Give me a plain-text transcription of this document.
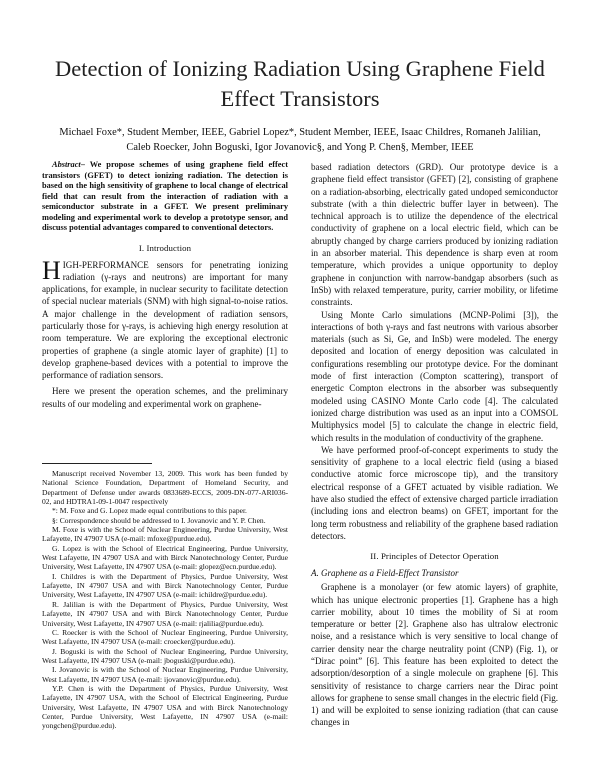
Detection of Ionizing Radiation Using Graphene Field Effect Transistors
Michael Foxe*, Student Member, IEEE, Gabriel Lopez*, Student Member, IEEE, Isaac Childres, Romaneh Jalilian,
Caleb Roecker, John Boguski, Igor Jovanovic§, and Yong P. Chen§, Member, IEEE

Abstract– We propose schemes of using graphene field effect transistors (GFET) to detect ionizing radiation. The detection is based on the high sensitivity of graphene to local change of electrical field that can result from the interaction of radiation with a semiconductor substrate in a GFET. We present preliminary modeling and experimental work to develop a prototype sensor, and discuss potential advantages compared to conventional detectors.

I. Introduction

HIGH-PERFORMANCE sensors for penetrating ionizing radiation (γ-rays and neutrons) are important for many applications, for example, in nuclear security to facilitate detection of special nuclear materials (SNM) with high signal-to-noise ratios. A major challenge in the development of radiation sensors, particularly those for γ-rays, is achieving high energy resolution at room temperature. We are exploring the exceptional electronic properties of graphene (a single atomic layer of graphite) [1] to develop graphene-based devices with a potential to improve the performance of radiation sensors.

Here we present the operation schemes, and the preliminary results of our modeling and experimental work on graphene-

Manuscript received November 13, 2009. This work has been funded by National Science Foundation, Department of Homeland Security, and Department of Defense under awards 0833689-ECCS, 2009-DN-077-ARI036-02, and HDTRA1-09-1-0047 respectively

*: M. Foxe and G. Lopez made equal contributions to this paper.

§: Correspondence should be addressed to I. Jovanovic and Y. P. Chen.

M. Foxe is with the School of Nuclear Engineering, Purdue University, West Lafayette, IN 47907 USA (e-mail: mfoxe@purdue.edu).

G. Lopez is with the School of Electrical Engineering, Purdue University, West Lafayette, IN 47907 USA and with Birck Nanotechnology Center, Purdue University, West Lafayette, IN 47907 USA (e-mail: glopez@ecn.purdue.edu).

I. Childres is with the Department of Physics, Purdue University, West Lafayette, IN 47907 USA and with Birck Nanotechnology Center, Purdue University, West Lafayette, IN 47907 USA (e-mail: ichildre@purdue.edu).

R. Jalilian is with the Department of Physics, Purdue University, West Lafayette, IN 47907 USA and with Birck Nanotechnology Center, Purdue University, West Lafayette, IN 47907 USA (e-mail: rjalilia@purdue.edu).

C. Roecker is with the School of Nuclear Engineering, Purdue University, West Lafayette, IN 47907 USA (e-mail: croecker@purdue.edu).

J. Boguski is with the School of Nuclear Engineering, Purdue University, West Lafayette, IN 47907 USA (e-mail: jboguski@purdue.edu).

I. Jovanovic is with the School of Nuclear Engineering, Purdue University, West Lafayette, IN 47907 USA (e-mail: ijovanovic@purdue.edu).

Y.P. Chen is with the Department of Physics, Purdue University, West Lafayette, IN 47907 USA, with the School of Electrical Engineering, Purdue University, West Lafayette, IN 47907 USA and with Birck Nanotechnology Center, Purdue University, West Lafayette, IN 47907 USA (e-mail: yongchen@purdue.edu).

based radiation detectors (GRD). Our prototype device is a graphene field effect transistor (GFET) [2], consisting of graphene on a radiation-absorbing, electrically gated undoped semiconductor substrate (with a thin dielectric buffer layer in between). The technical approach is to utilize the dependence of the electrical conductivity of graphene on a local electric field, which can be abruptly changed by charge carriers produced by ionizing radiation in an absorber material. This dependence is sharp even at room temperature, which provides a unique opportunity to deploy graphene in conjunction with narrow-bandgap absorbers (such as InSb) with relaxed temperature, purity, carrier mobility, or lifetime constraints.

Using Monte Carlo simulations (MCNP-Polimi [3]), the interactions of both γ-rays and fast neutrons with various absorber materials (such as Si, Ge, and InSb) were modeled. The energy deposited and location of energy deposition was calculated in configurations resembling our prototype device. For the dominant mode of first interaction (Compton scattering), transport of energetic Compton electrons in the absorber was subsequently modeled using CASINO Monte Carlo code [4]. The calculated ionized charge distribution was used as an input into a COMSOL Multiphysics model [5] to calculate the change in electric field, which results in the modulation of conductivity of the graphene.

We have performed proof-of-concept experiments to study the sensitivity of graphene to a local electric field (using a biased conductive atomic force microscope tip), and the transitory electrical response of a GFET actuated by visible radiation. We have also studied the effect of extensive charged particle irradiation (including ions and electron beams) on GFET, important for the long term robustness and reliability of the graphene based radiation detectors.

II. Principles of Detector Operation
A. Graphene as a Field-Effect Transistor

Graphene is a monolayer (or few atomic layers) of graphite, which has unique electronic properties [1]. Graphene has a high carrier mobility, about 10 times the mobility of Si at room temperature or better [2]. Graphene also has ultralow electronic noise, and a resistance which is very sensitive to local change of carrier density near the charge neutrality point (CNP) (Fig. 1), or “Dirac point” [6]. This feature has been exploited to detect the adsorption/desorption of a single molecule on graphene [6]. This sensitivity of resistance to charge carriers near the Dirac point allows for graphene to sense small changes in the electric field (Fig. 1) and will be exploited to sense ionizing radiation (that can cause changes in
